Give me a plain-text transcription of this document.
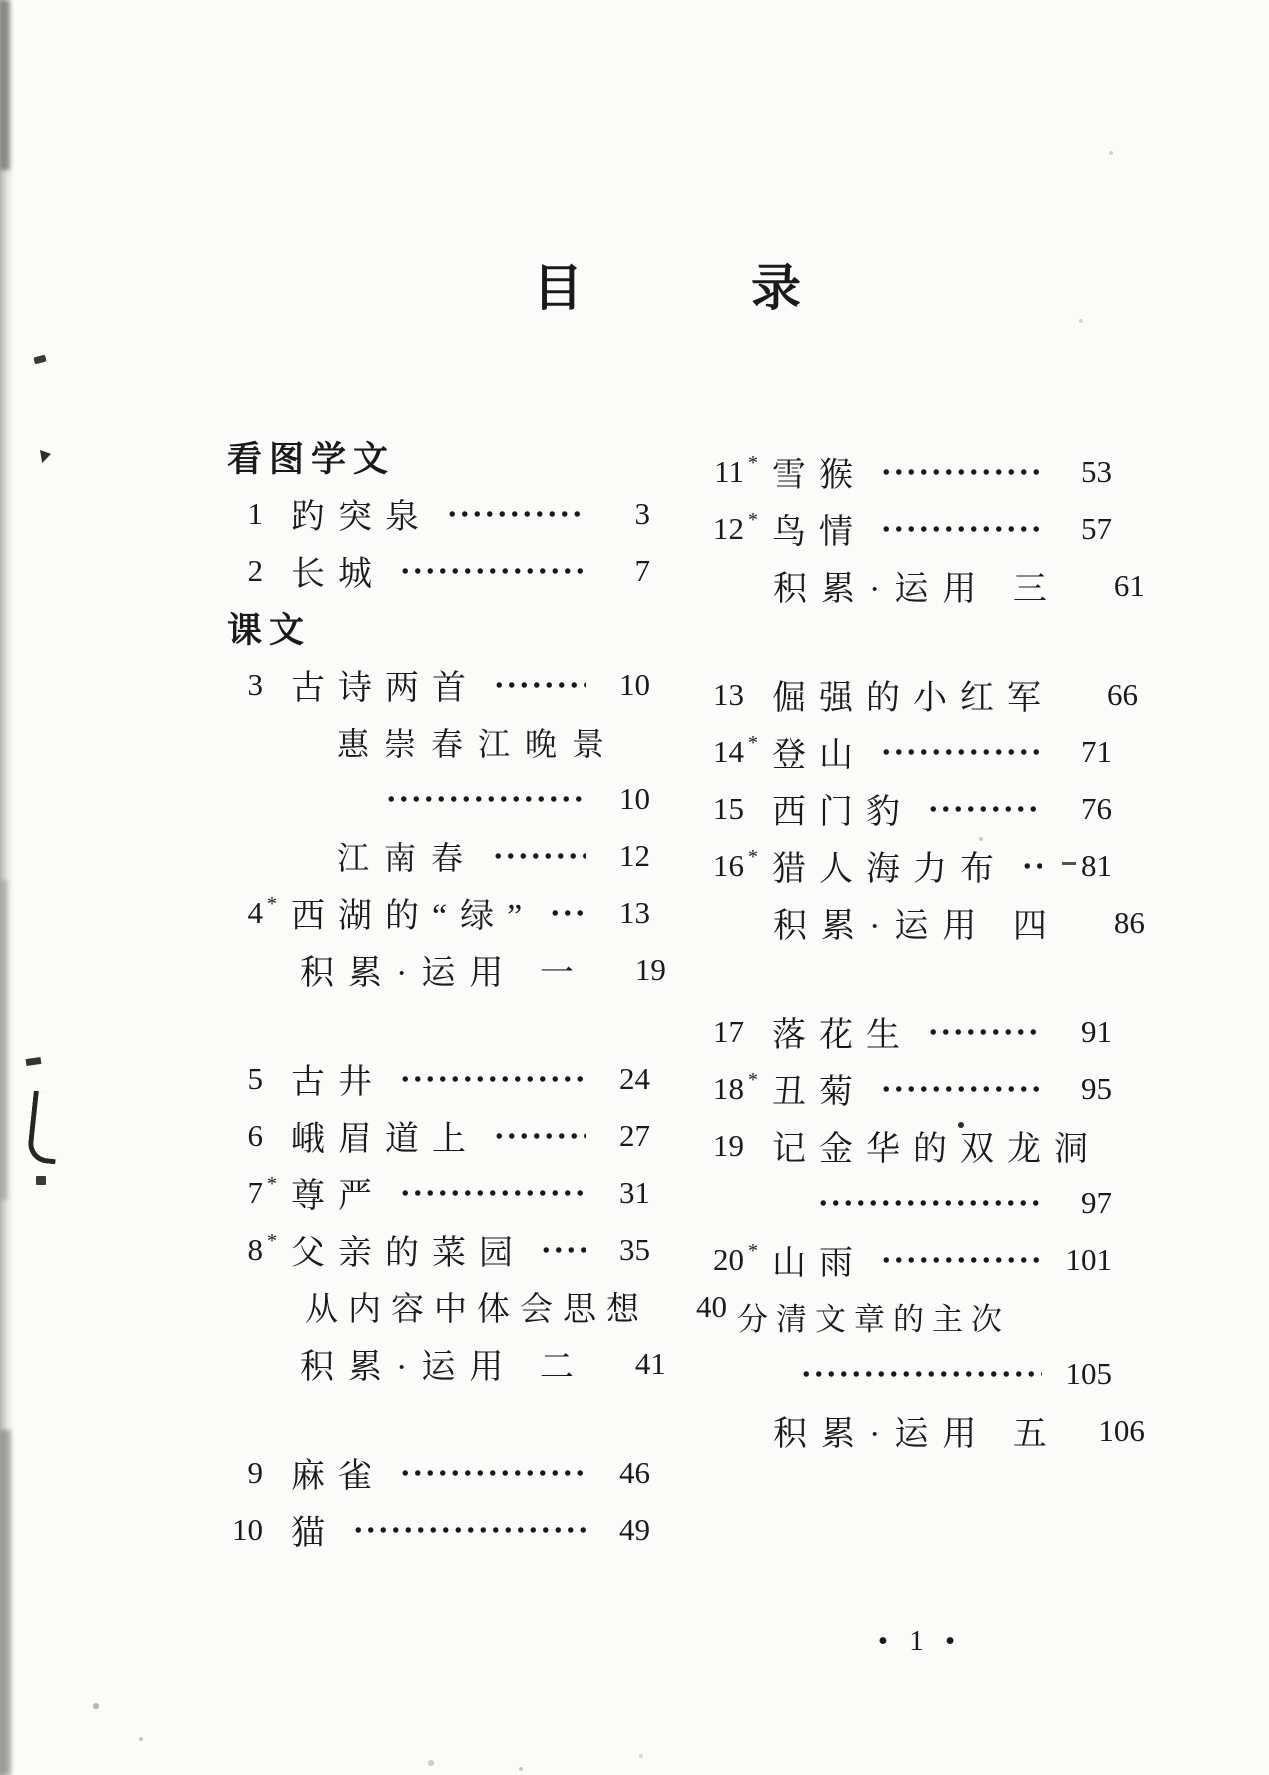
目 录
看图学文
1 趵突泉	3
2 长城	7
课文
3 古诗两首	10
惠崇春江晚景
10
江南春	12
4 * 西湖的“绿”	13
积累·运用 一	19
5 古井	24
6 峨眉道上	27
7 * 尊严	31
8 * 父亲的菜园	35
从内容中体会思想	40
积累·运用 二	41
9 麻雀	46
10 猫	49
11 * 雪猴	53
12 * 鸟情	57
积累·运用 三	61
13 倔强的小红军	66
14 * 登山	71
15 西门豹	76
16 * 猎人海力布	81
积累·运用 四	86
17 落花生	91
18 * 丑菊	95
19 记金华的双龙洞
97
20 * 山雨	101
分清文章的主次
105
积累·运用 五	106
• 1 •
